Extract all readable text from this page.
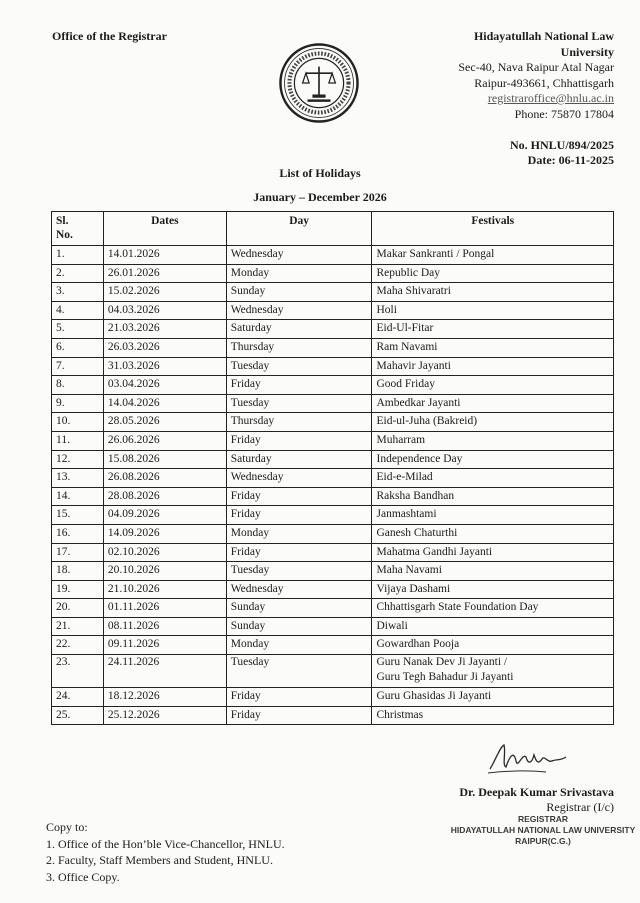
Office of the Registrar	Hidayatullah National Law
University
Sec-40, Nava Raipur Atal Nagar
Raipur-493661, Chhattisgarh
registraroffice@hnlu.ac.in
Phone: 75870 17804
No. HNLU/894/2025
Date: 06-11-2025
List of Holidays
January – December 2026
Sl.
No.	Dates	Day	Festivals
1.	14.01.2026	Wednesday	Makar Sankranti / Pongal
2.	26.01.2026	Monday	Republic Day
3.	15.02.2026	Sunday	Maha Shivaratri
4.	04.03.2026	Wednesday	Holi
5.	21.03.2026	Saturday	Eid-Ul-Fitar
6.	26.03.2026	Thursday	Ram Navami
7.	31.03.2026	Tuesday	Mahavir Jayanti
8.	03.04.2026	Friday	Good Friday
9.	14.04.2026	Tuesday	Ambedkar Jayanti
10.	28.05.2026	Thursday	Eid-ul-Juha (Bakreid)
11.	26.06.2026	Friday	Muharram
12.	15.08.2026	Saturday	Independence Day
13.	26.08.2026	Wednesday	Eid-e-Milad
14.	28.08.2026	Friday	Raksha Bandhan
15.	04.09.2026	Friday	Janmashtami
16.	14.09.2026	Monday	Ganesh Chaturthi
17.	02.10.2026	Friday	Mahatma Gandhi Jayanti
18.	20.10.2026	Tuesday	Maha Navami
19.	21.10.2026	Wednesday	Vijaya Dashami
20.	01.11.2026	Sunday	Chhattisgarh State Foundation Day
21.	08.11.2026	Sunday	Diwali
22.	09.11.2026	Monday	Gowardhan Pooja
23.	24.11.2026	Tuesday	Guru Nanak Dev Ji Jayanti /
Guru Tegh Bahadur Ji Jayanti

24.	18.12.2026	Friday	Guru Ghasidas Ji Jayanti
25.	25.12.2026	Friday	Christmas
Dr. Deepak Kumar Srivastava
Registrar (I/c)
REGISTRAR
HIDAYATULLAH NATIONAL LAW UNIVERSITY
RAIPUR(C.G.)
Copy to:
1. Office of the Hon’ble Vice-Chancellor, HNLU.
2. Faculty, Staff Members and Student, HNLU.
3. Office Copy.
